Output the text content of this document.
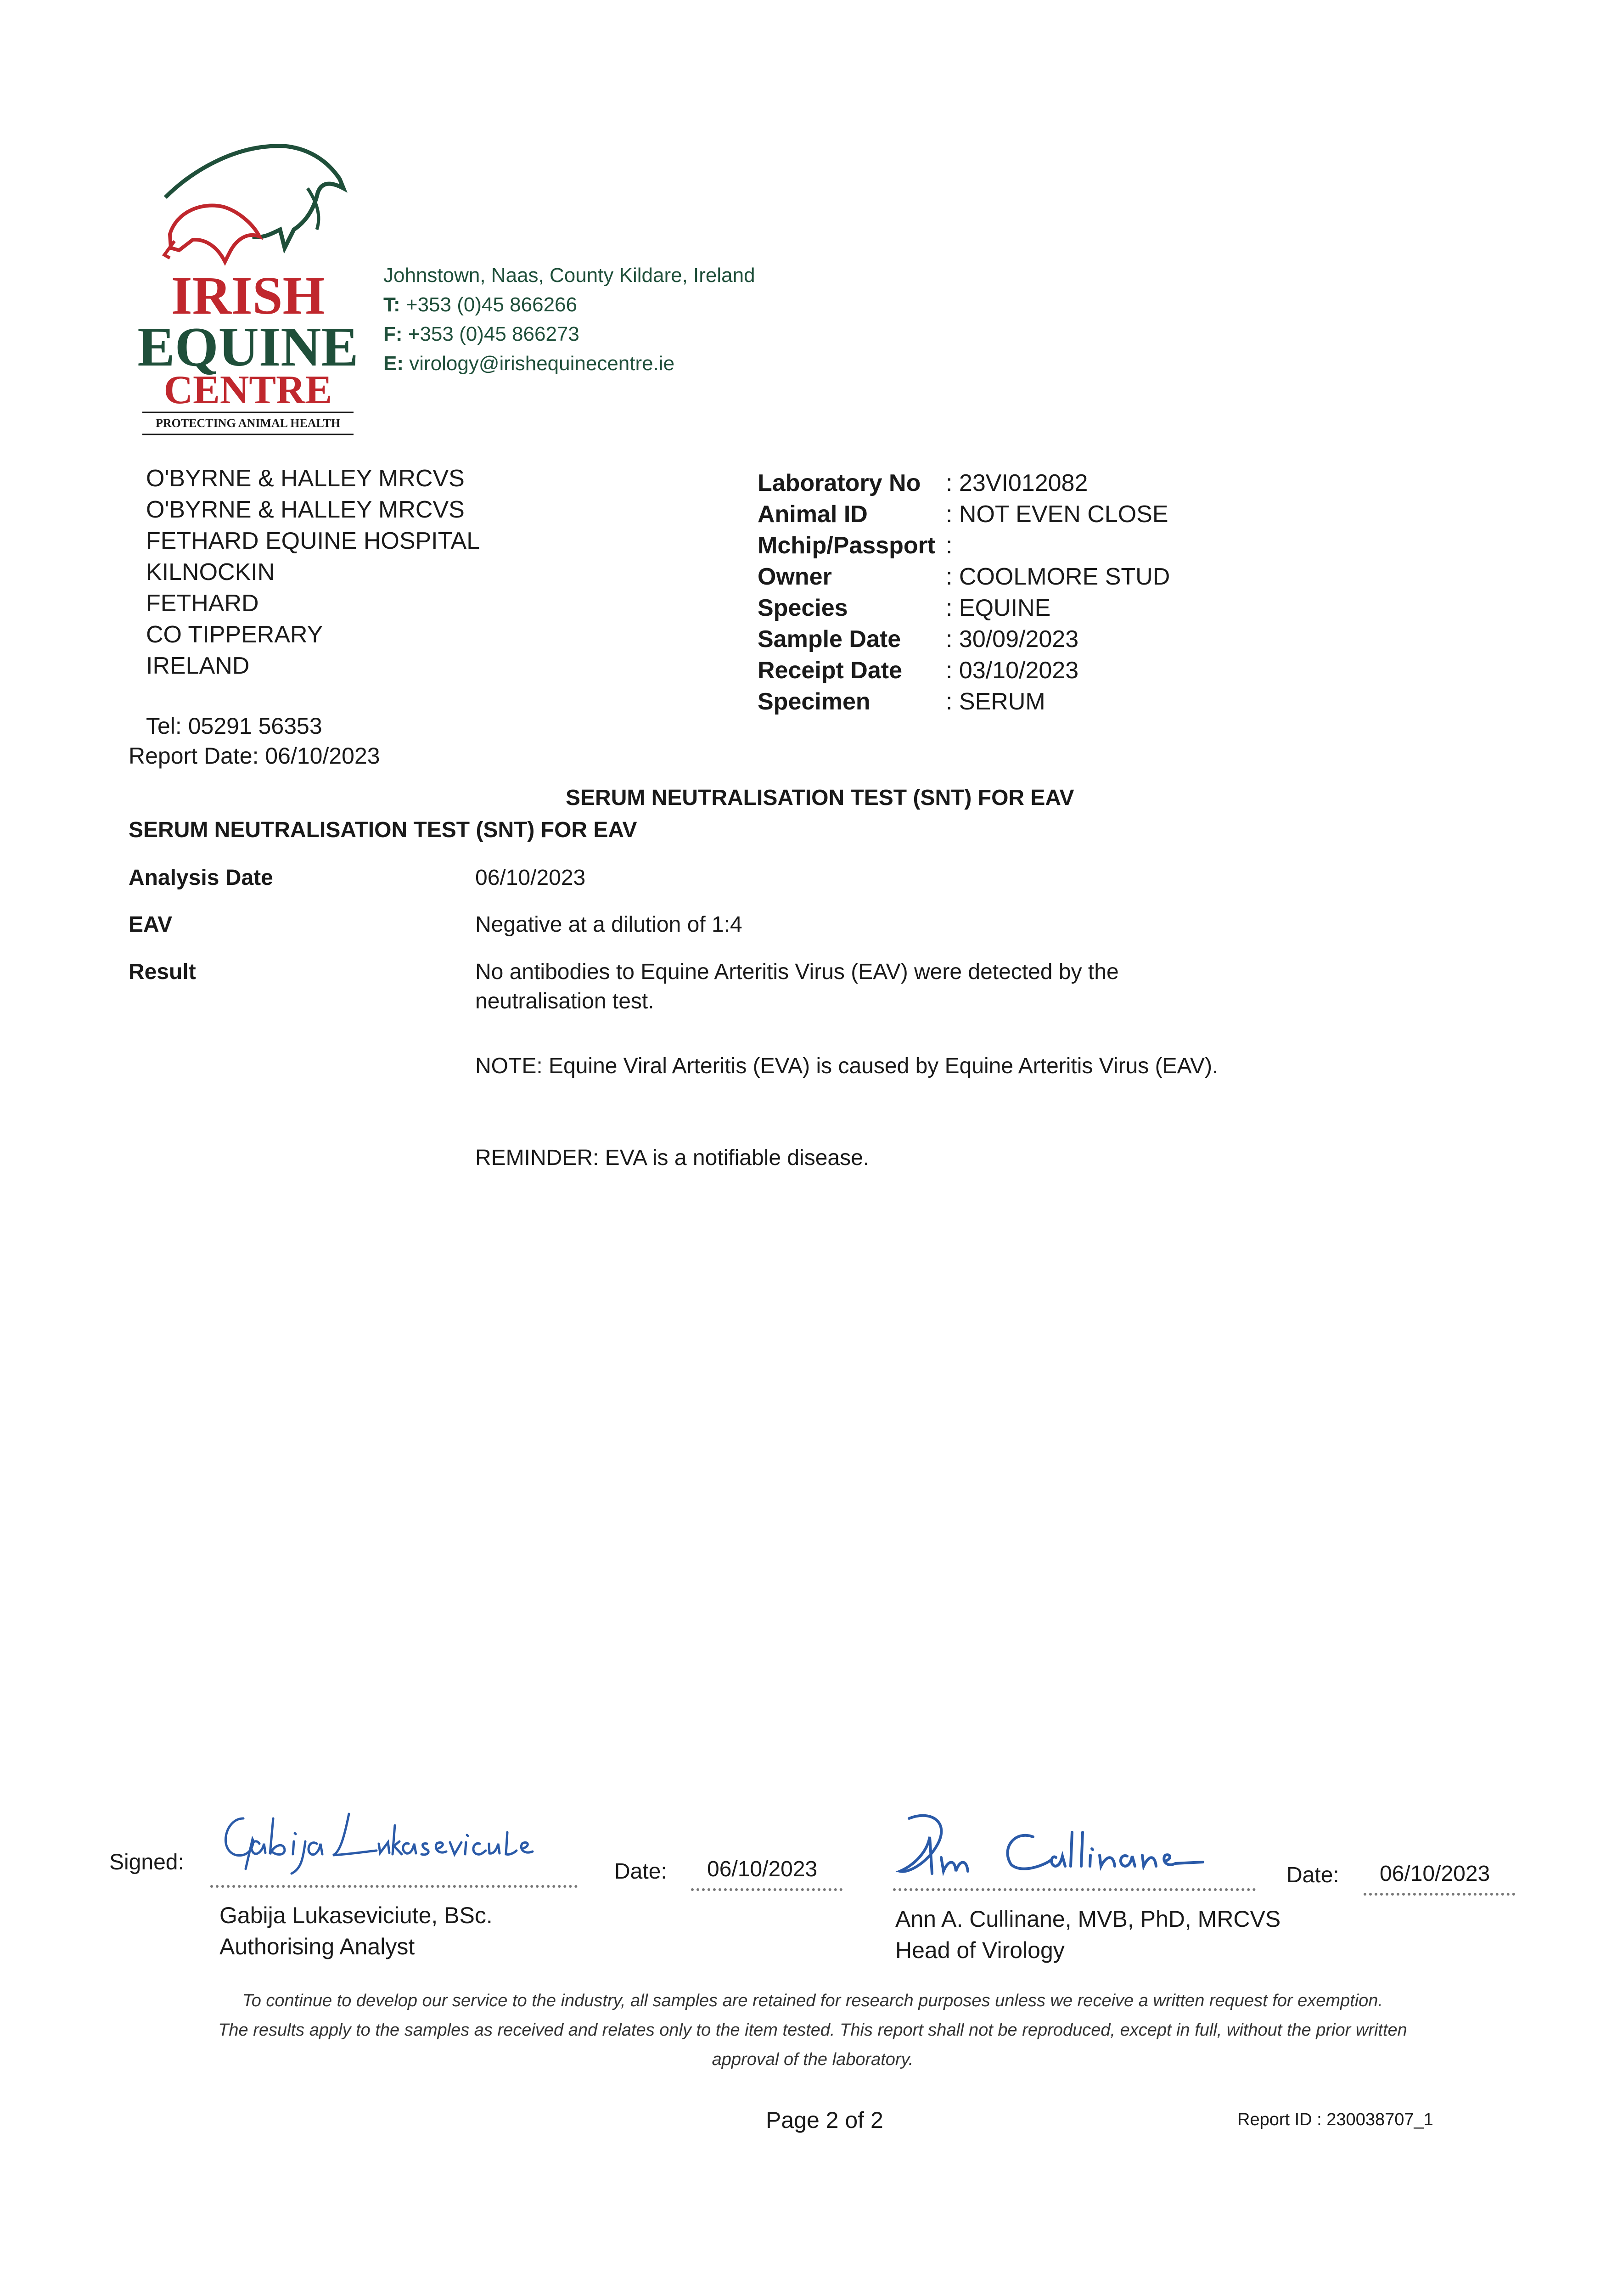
IRISH
EQUINE
CENTRE
PROTECTING ANIMAL HEALTH
Johnstown, Naas, County Kildare, Ireland
T: +353 (0)45 866266
F: +353 (0)45 866273
E: virology@irishequinecentre.ie
O'BYRNE & HALLEY MRCVS
O'BYRNE & HALLEY MRCVS
FETHARD EQUINE HOSPITAL
KILNOCKIN
FETHARD
CO TIPPERARY
IRELAND
Laboratory No	: 23VI012082
Animal ID	: NOT EVEN CLOSE
Mchip/Passport :
Owner	: COOLMORE STUD
Species	: EQUINE
Sample Date	: 30/09/2023
Receipt Date	: 03/10/2023
Specimen	: SERUM
Tel: 05291 56353
Report Date: 06/10/2023
SERUM NEUTRALISATION TEST (SNT) FOR EAV
SERUM NEUTRALISATION TEST (SNT) FOR EAV
Analysis Date	06/10/2023
EAV	Negative at a dilution of 1:4
Result	No antibodies to Equine Arteritis Virus (EAV) were detected by the neutralisation test.
NOTE: Equine Viral Arteritis (EVA) is caused by Equine Arteritis Virus (EAV).
REMINDER: EVA is a notifiable disease.
Signed:	Date: 06/10/2023
Gabija Lukaseviciute, BSc.
Authorising Analyst
Date: 06/10/2023
Ann A. Cullinane, MVB, PhD, MRCVS
Head of Virology
To continue to develop our service to the industry, all samples are retained for research purposes unless we receive a written request for exemption.
The results apply to the samples as received and relates only to the item tested. This report shall not be reproduced, except in full, without the prior written approval of the laboratory.
Page 2 of 2	Report ID : 230038707_1
